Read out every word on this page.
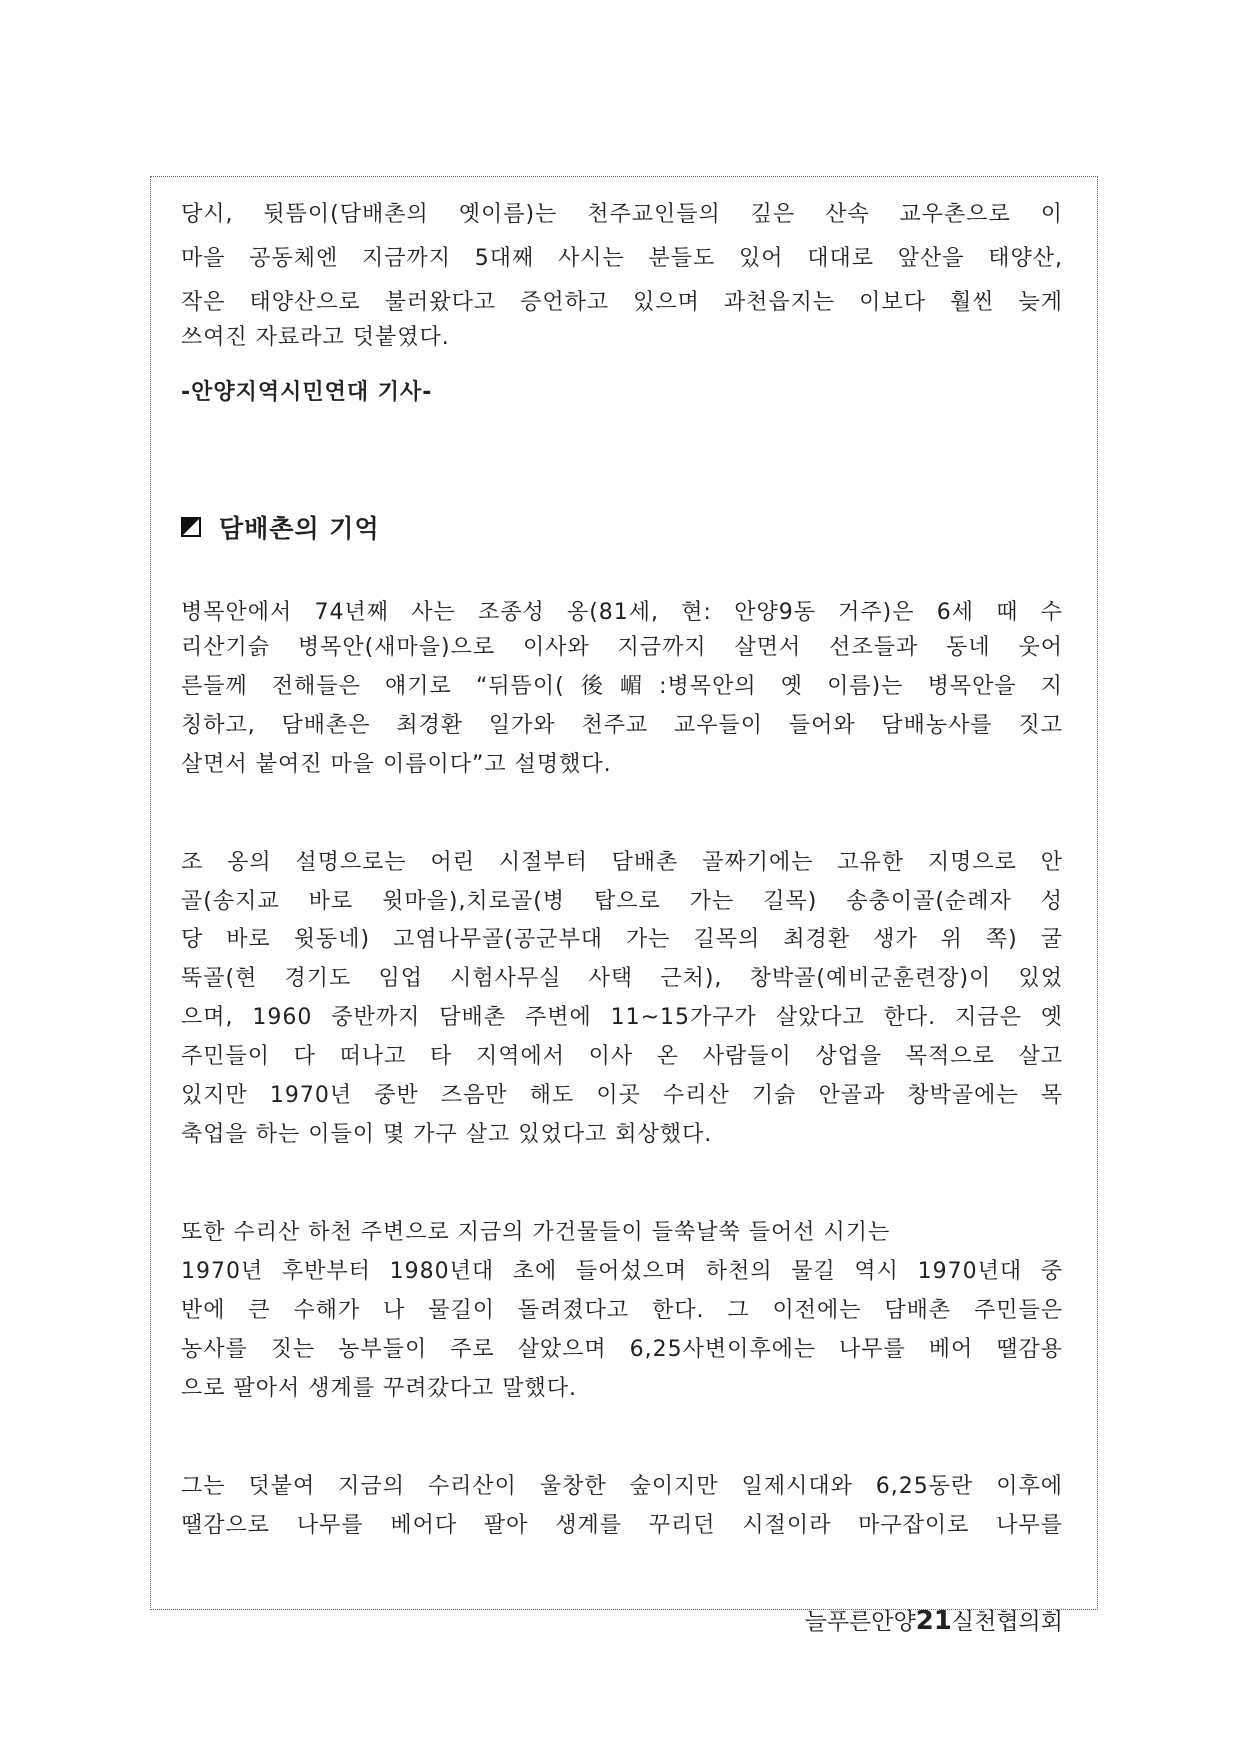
당시, 뒷뜸이(담배촌의 옛이름)는 천주교인들의 깊은 산속 교우촌으로 이
마을 공동체엔 지금까지 5대째 사시는 분들도 있어 대대로 앞산을 태양산,
작은 태양산으로 불러왔다고 증언하고 있으며 과천읍지는 이보다 훨씬 늦게
쓰여진 자료라고 덧붙였다.
-안양지역시민연대 기사-
담배촌의 기억
병목안에서 74년째 사는 조종성 옹(81세, 현: 안양9동 거주)은 6세 때 수
리산기슭 병목안(새마을)으로 이사와 지금까지 살면서 선조들과 동네 웃어
른들께 전해들은 얘기로 “뒤뜸이(後嵋:병목안의 옛 이름)는 병목안을 지
칭하고, 담배촌은 최경환 일가와 천주교 교우들이 들어와 담배농사를 짓고
살면서 붙여진 마을 이름이다”고 설명했다.
조 옹의 설명으로는 어린 시절부터 담배촌 골짜기에는 고유한 지명으로 안
골(송지교 바로 윗마을),치로골(병 탑으로 가는 길목) 송충이골(순례자 성
당 바로 윗동네) 고염나무골(공군부대 가는 길목의 최경환 생가 위 쪽) 굴
뚝골(현 경기도 임업 시험사무실 사택 근처), 창박골(예비군훈련장)이 있었
으며, 1960 중반까지 담배촌 주변에 11~15가구가 살았다고 한다. 지금은 옛
주민들이 다 떠나고 타 지역에서 이사 온 사람들이 상업을 목적으로 살고
있지만 1970년 중반 즈음만 해도 이곳 수리산 기슭 안골과 창박골에는 목
축업을 하는 이들이 몇 가구 살고 있었다고 회상했다.
또한 수리산 하천 주변으로 지금의 가건물들이 들쑥날쑥 들어선 시기는
1970년 후반부터 1980년대 초에 들어섰으며 하천의 물길 역시 1970년대 중
반에 큰 수해가 나 물길이 돌려졌다고 한다. 그 이전에는 담배촌 주민들은
농사를 짓는 농부들이 주로 살았으며 6,25사변이후에는 나무를 베어 땔감용
으로 팔아서 생계를 꾸려갔다고 말했다.
그는 덧붙여 지금의 수리산이 울창한 숲이지만 일제시대와 6,25동란 이후에
땔감으로 나무를 베어다 팔아 생계를 꾸리던 시절이라 마구잡이로 나무를
늘푸른안양21실천협의회
